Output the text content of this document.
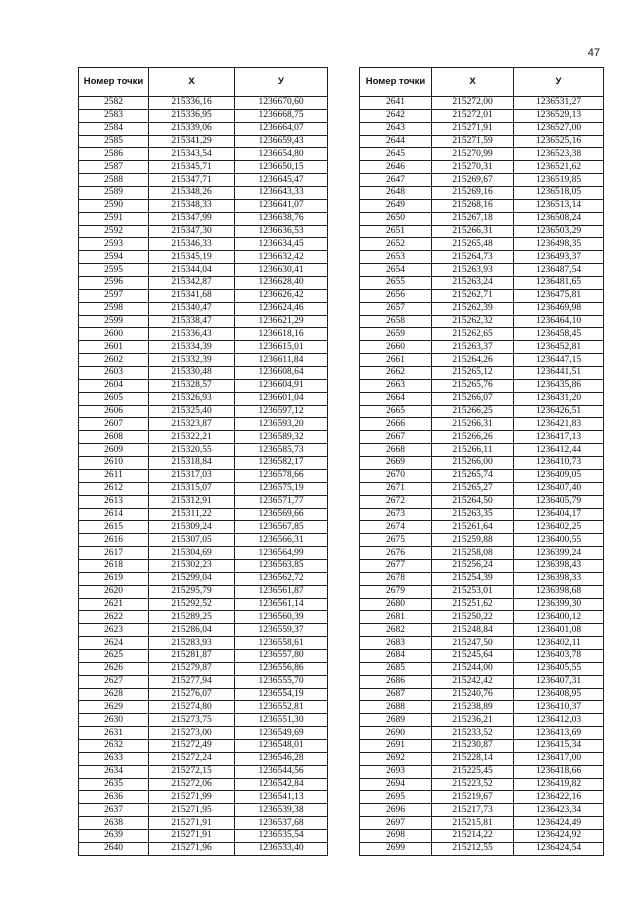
47
Номер точки	X	У
2582	215336,16	1236670,60
2583	215336,95	1236668,75
2584	215339,06	1236664,07
2585	215341,29	1236659,43
2586	215343,54	1236654,80
2587	215345,71	1236650,15
2588	215347,71	1236645,47
2589	215348,26	1236643,33
2590	215348,33	1236641,07
2591	215347,99	1236638,76
2592	215347,30	1236636,53
2593	215346,33	1236634,45
2594	215345,19	1236632,42
2595	215344,04	1236630,41
2596	215342,87	1236628,40
2597	215341,68	1236626,42
2598	215340,47	1236624,46
2599	215338,47	1236621,29
2600	215336,43	1236618,16
2601	215334,39	1236615,01
2602	215332,39	1236611,84
2603	215330,48	1236608,64
2604	215328,57	1236604,91
2605	215326,93	1236601,04
2606	215325,40	1236597,12
2607	215323,87	1236593,20
2608	215322,21	1236589,32
2609	215320,55	1236585,73
2610	215318,84	1236582,17
2611	215317,03	1236578,66
2612	215315,07	1236575,19
2613	215312,91	1236571,77
2614	215311,22	1236569,66
2615	215309,24	1236567,85
2616	215307,05	1236566,31
2617	215304,69	1236564,99
2618	215302,23	1236563,85
2619	215299,04	1236562,72
2620	215295,79	1236561,87
2621	215292,52	1236561,14
2622	215289,25	1236560,39
2623	215286,04	1236559,37
2624	215283,93	1236558,61
2625	215281,87	1236557,80
2626	215279,87	1236556,86
2627	215277,94	1236555,70
2628	215276,07	1236554,19
2629	215274,80	1236552,81
2630	215273,75	1236551,30
2631	215273,00	1236549,69
2632	215272,49	1236548,01
2633	215272,24	1236546,28
2634	215272,15	1236544,56
2635	215272,06	1236542,84
2636	215271,99	1236541,13
2637	215271,95	1236539,38
2638	215271,91	1236537,68
2639	215271,91	1236535,54
2640	215271,96	1236533,40
Номер точки	X	У
2641	215272,00	1236531,27
2642	215272,01	1236529,13
2643	215271,91	1236527,00
2644	215271,59	1236525,16
2645	215270,99	1236523,38
2646	215270,31	1236521,62
2647	215269,67	1236519,85
2648	215269,16	1236518,05
2649	215268,16	1236513,14
2650	215267,18	1236508,24
2651	215266,31	1236503,29
2652	215265,48	1236498,35
2653	215264,73	1236493,37
2654	215263,93	1236487,54
2655	215263,24	1236481,65
2656	215262,71	1236475,81
2657	215262,39	1236469,98
2658	215262,32	1236464,10
2659	215262,65	1236458,45
2660	215263,37	1236452,81
2661	215264,26	1236447,15
2662	215265,12	1236441,51
2663	215265,76	1236435,86
2664	215266,07	1236431,20
2665	215266,25	1236426,51
2666	215266,31	1236421,83
2667	215266,26	1236417,13
2668	215266,11	1236412,44
2669	215266,00	1236410,73
2670	215265,74	1236409,05
2671	215265,27	1236407,40
2672	215264,50	1236405,79
2673	215263,35	1236404,17
2674	215261,64	1236402,25
2675	215259,88	1236400,55
2676	215258,08	1236399,24
2677	215256,24	1236398,43
2678	215254,39	1236398,33
2679	215253,01	1236398,68
2680	215251,62	1236399,30
2681	215250,22	1236400,12
2682	215248,84	1236401,08
2683	215247,50	1236402,11
2684	215245,64	1236403,78
2685	215244,00	1236405,55
2686	215242,42	1236407,31
2687	215240,76	1236408,95
2688	215238,89	1236410,37
2689	215236,21	1236412,03
2690	215233,52	1236413,69
2691	215230,87	1236415,34
2692	215228,14	1236417,00
2693	215225,45	1236418,66
2694	215223,52	1236419,82
2695	215219,67	1236422,16
2696	215217,73	1236423,34
2697	215215,81	1236424,49
2698	215214,22	1236424,92
2699	215212,55	1236424,54
